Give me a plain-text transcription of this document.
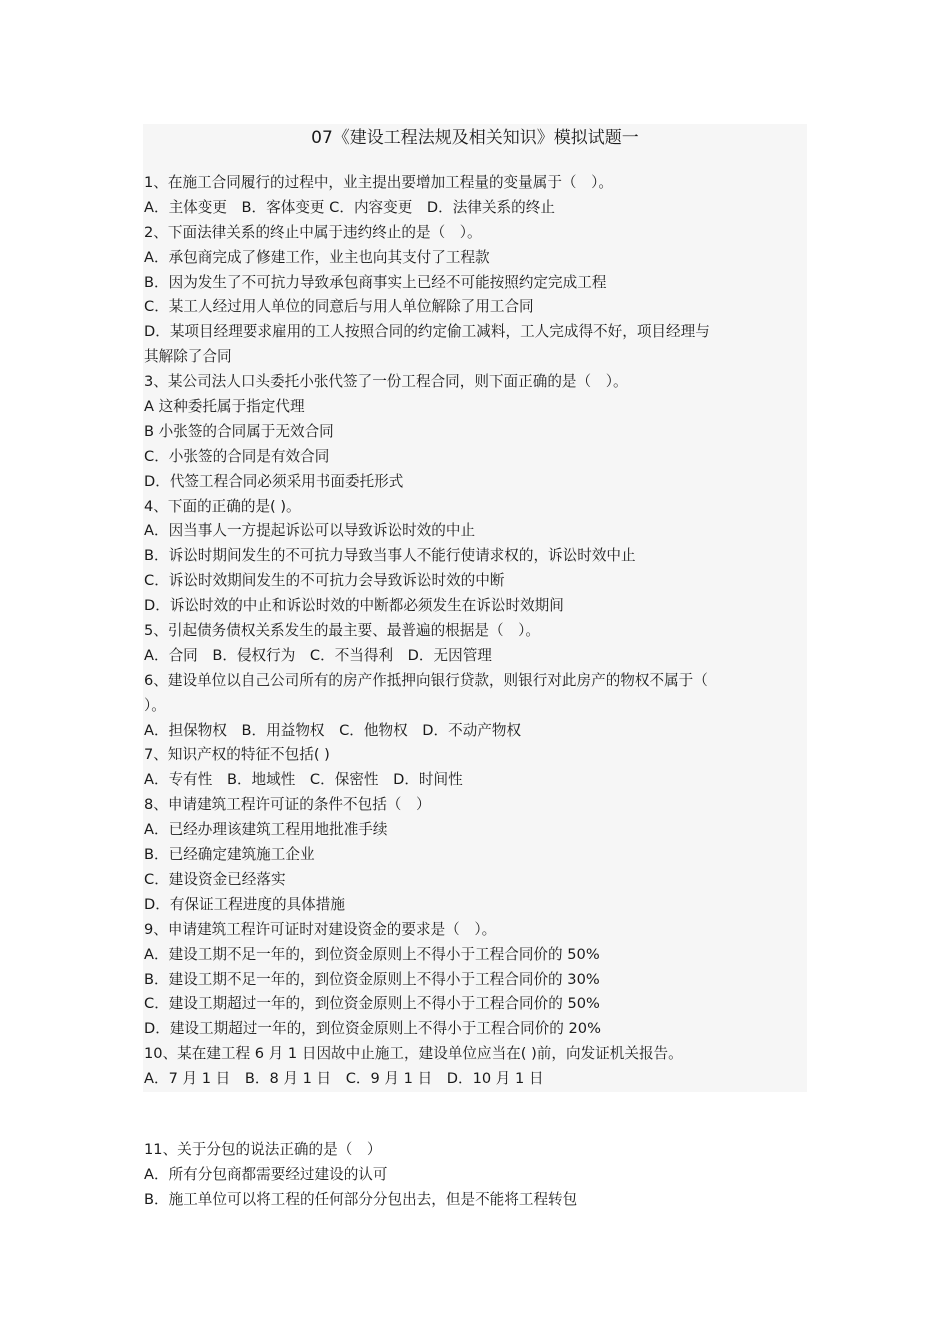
07《建设工程法规及相关知识》模拟试题一
1、在施工合同履行的过程中，业主提出要增加工程量的变量属于（　）。
A．主体变更　B．客体变更 C．内容变更　D．法律关系的终止
2、下面法律关系的终止中属于违约终止的是（　）。
A．承包商完成了修建工作，业主也向其支付了工程款
B．因为发生了不可抗力导致承包商事实上已经不可能按照约定完成工程
C．某工人经过用人单位的同意后与用人单位解除了用工合同
D．某项目经理要求雇用的工人按照合同的约定偷工减料，工人完成得不好，项目经理与
其解除了合同
3、某公司法人口头委托小张代签了一份工程合同，则下面正确的是（　）。
A 这种委托属于指定代理
B 小张签的合同属于无效合同
C．小张签的合同是有效合同
D．代签工程合同必须采用书面委托形式
4、下面的正确的是( )。
A．因当事人一方提起诉讼可以导致诉讼时效的中止
B．诉讼时期间发生的不可抗力导致当事人不能行使请求权的，诉讼时效中止
C．诉讼时效期间发生的不可抗力会导致诉讼时效的中断
D．诉讼时效的中止和诉讼时效的中断都必须发生在诉讼时效期间
5、引起债务债权关系发生的最主要、最普遍的根据是（　）。
A．合同　B．侵权行为　C．不当得利　D．无因管理
6、建设单位以自己公司所有的房产作抵押向银行贷款，则银行对此房产的物权不属于（
）。
A．担保物权　B．用益物权　C．他物权　D．不动产物权
7、知识产权的特征不包括( )
A．专有性　B．地域性　C．保密性　D．时间性
8、申请建筑工程许可证的条件不包括（　）
A．已经办理该建筑工程用地批准手续
B．已经确定建筑施工企业
C．建设资金已经落实
D．有保证工程进度的具体措施
9、申请建筑工程许可证时对建设资金的要求是（　）。
A．建设工期不足一年的，到位资金原则上不得小于工程合同价的 50%
B．建设工期不足一年的，到位资金原则上不得小于工程合同价的 30%
C．建设工期超过一年的，到位资金原则上不得小于工程合同价的 50%
D．建设工期超过一年的，到位资金原则上不得小于工程合同价的 20%
10、某在建工程 6 月 1 日因故中止施工，建设单位应当在( )前，向发证机关报告。
A．7 月 1 日　B．8 月 1 日　C．9 月 1 日　D．10 月 1 日
11、关于分包的说法正确的是（　）
A．所有分包商都需要经过建设的认可
B．施工单位可以将工程的任何部分分包出去，但是不能将工程转包
